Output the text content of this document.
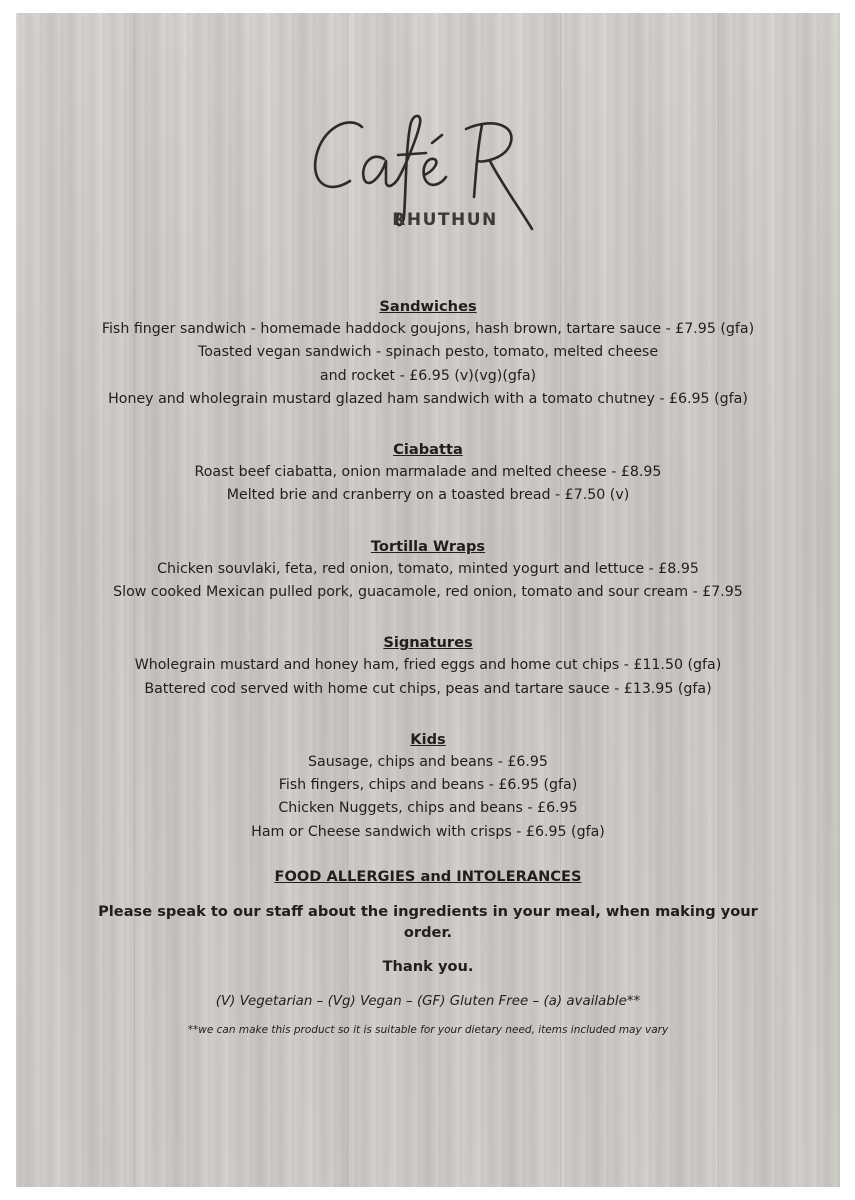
RHUTHUN
Sandwiches
Fish finger sandwich - homemade haddock goujons, hash brown, tartare sauce - £7.95 (gfa)
Toasted vegan sandwich - spinach pesto, tomato, melted cheese
and rocket - £6.95 (v)(vg)(gfa)
Honey and wholegrain mustard glazed ham sandwich with a tomato chutney - £6.95 (gfa)
Ciabatta
Roast beef ciabatta, onion marmalade and melted cheese - £8.95
Melted brie and cranberry on a toasted bread - £7.50 (v)
Tortilla Wraps
Chicken souvlaki, feta, red onion, tomato, minted yogurt and lettuce - £8.95
Slow cooked Mexican pulled pork, guacamole, red onion, tomato and sour cream - £7.95
Signatures
Wholegrain mustard and honey ham, fried eggs and home cut chips - £11.50 (gfa)
Battered cod served with home cut chips, peas and tartare sauce - £13.95 (gfa)
Kids
Sausage, chips and beans - £6.95
Fish fingers, chips and beans - £6.95 (gfa)
Chicken Nuggets, chips and beans - £6.95
Ham or Cheese sandwich with crisps - £6.95 (gfa)
FOOD ALLERGIES and INTOLERANCES
Please speak to our staff about the ingredients in your meal, when making your order.
Thank you.
(V) Vegetarian – (Vg) Vegan – (GF) Gluten Free – (a) available**
**we can make this product so it is suitable for your dietary need, items included may vary
